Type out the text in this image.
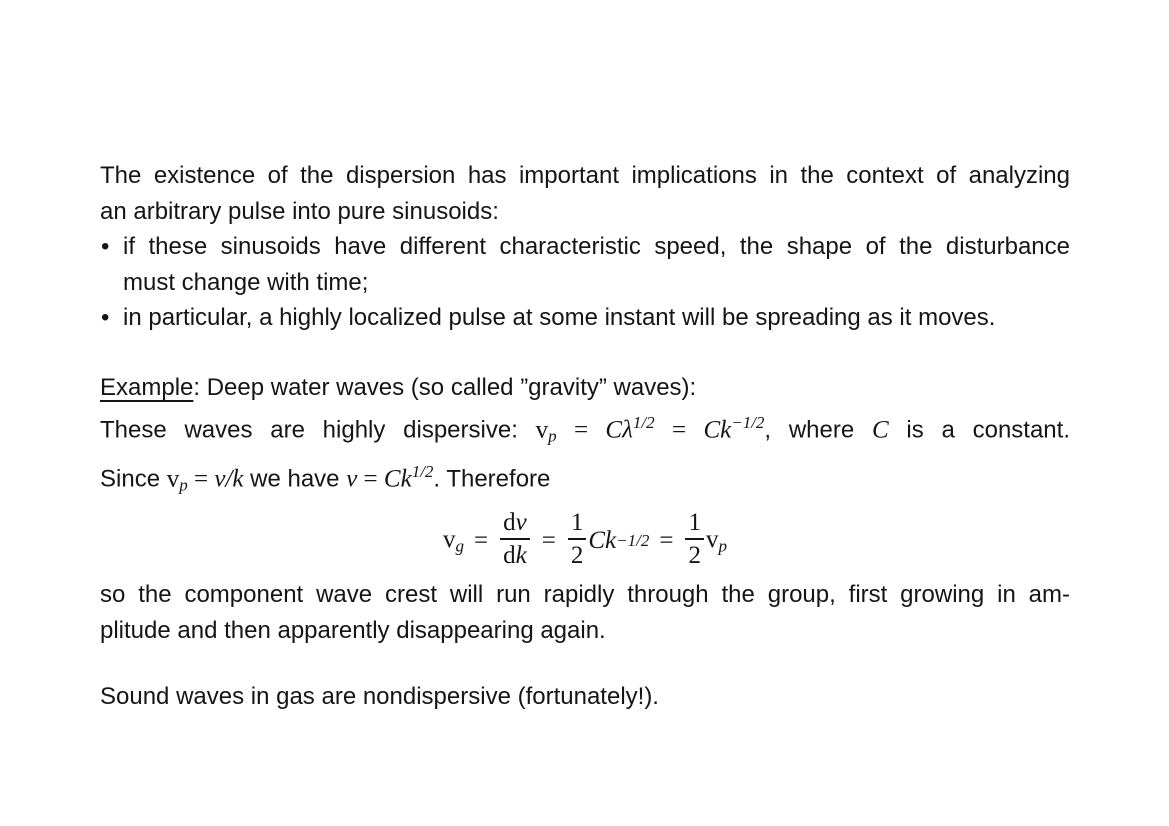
The existence of the dispersion has important implications in the context of analyzing
an arbitrary pulse into pure sinusoids:
• if these sinusoids have different characteristic speed, the shape of the disturbance
must change with time;
• in particular, a highly localized pulse at some instant will be spreading as it moves.
Example: Deep water waves (so called ”gravity” waves):
These waves are highly dispersive: $v_p = C\lambda^{1/2} = Ck^{-1/2}$, where C is a constant.
Since $v_p = \nu/k$ we have $\nu = Ck^{1/2}$. Therefore
$v_g = \frac{d\nu}{dk} = \frac{1}{2}$ $Ck -1/2 = \frac{1}{2} v_p$
so the component wave crest will run rapidly through the group, first growing in am-
plitude and then apparently disappearing again.
Sound waves in gas are nondispersive (fortunately!).
